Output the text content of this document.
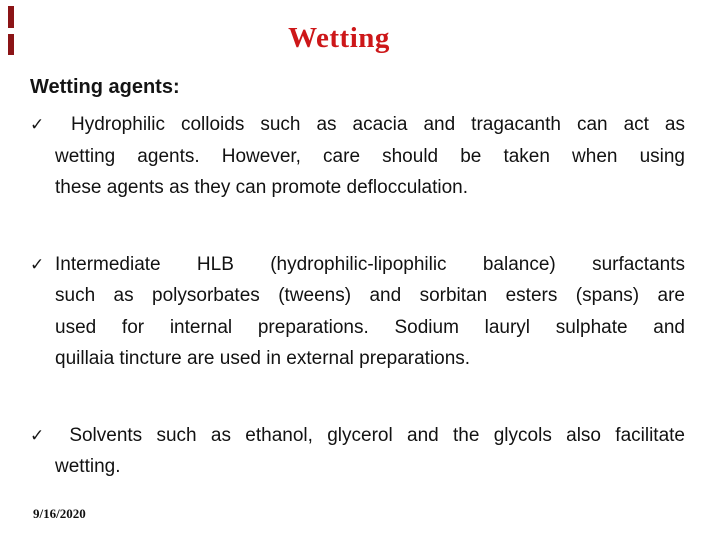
Wetting
Wetting agents:
✓ Hydrophilic colloids such as acacia and tragacanth can act as
wetting agents. However, care should be taken when using
these agents as they can promote deflocculation.
✓ Intermediate HLB (hydrophilic-lipophilic balance) surfactants
such as polysorbates (tweens) and sorbitan esters (spans) are
used for internal preparations. Sodium lauryl sulphate and
quillaia tincture are used in external preparations.
✓ Solvents such as ethanol, glycerol and the glycols also facilitate
wetting.
9/16/2020
